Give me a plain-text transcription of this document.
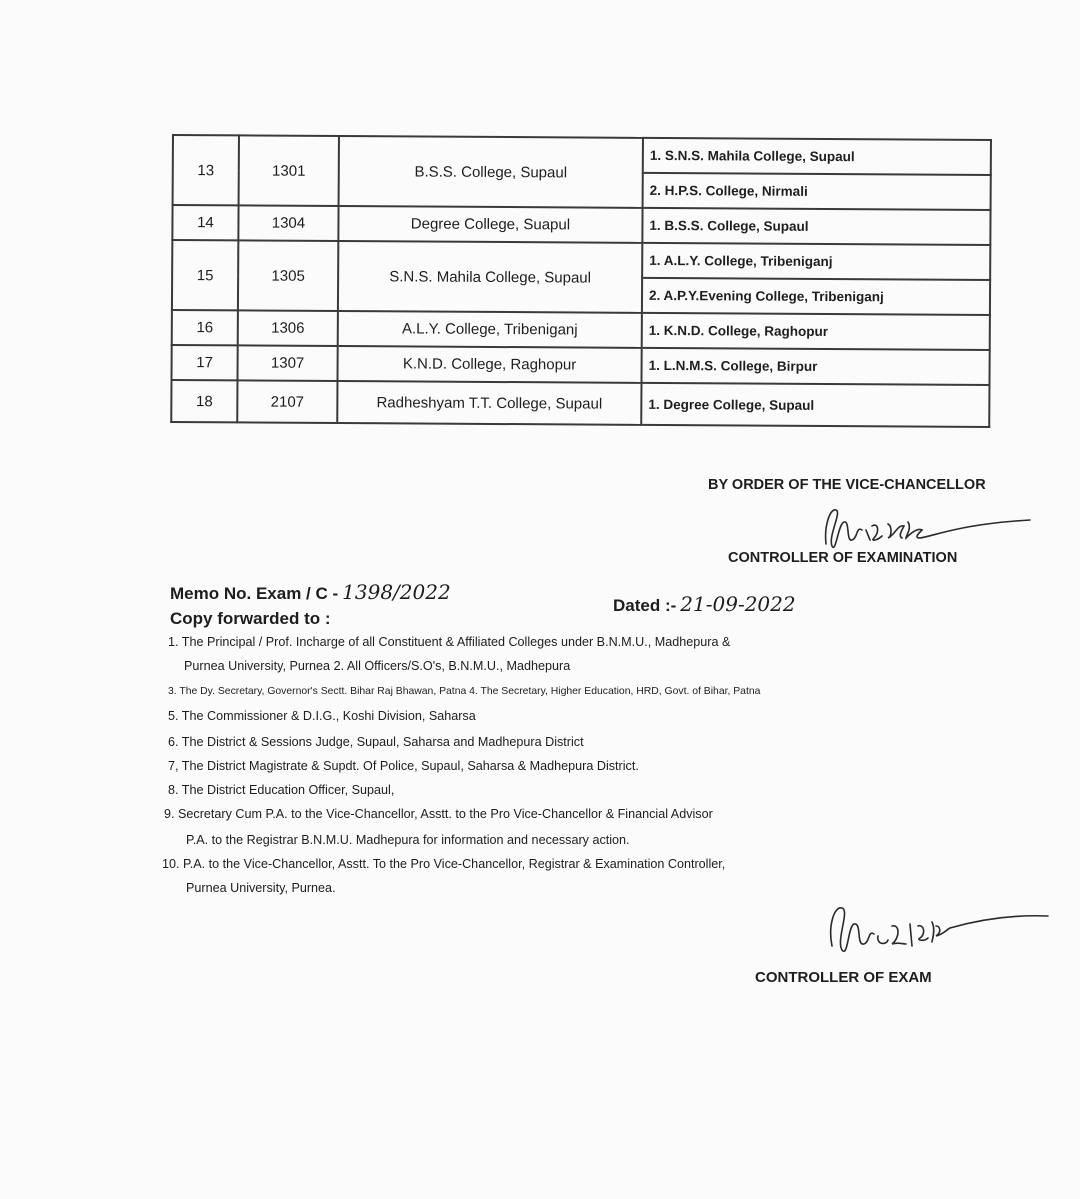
13	1301	B.S.S. College, Supaul	1. S.N.S. Mahila College, Supaul
			2. H.P.S. College, Nirmali
14	1304	Degree College, Suapul	1. B.S.S. College, Supaul
15	1305	S.N.S. Mahila College, Supaul	1. A.L.Y. College, Tribeniganj
			2. A.P.Y.Evening College, Tribeniganj
16	1306	A.L.Y. College, Tribeniganj	1. K.N.D. College, Raghopur
17	1307	K.N.D. College, Raghopur	1. L.N.M.S. College, Birpur
18	2107	Radheshyam T.T. College, Supaul	1. Degree College, Supaul
BY ORDER OF THE VICE-CHANCELLOR
CONTROLLER OF EXAMINATION
Memo No. Exam / C - 1398/2022
Dated :- 21-09-2022
Copy forwarded to :
1. The Principal / Prof. Incharge of all Constituent & Affiliated Colleges under B.N.M.U., Madhepura &
Purnea University, Purnea 2. All Officers/S.O's, B.N.M.U., Madhepura
3. The Dy. Secretary, Governor's Sectt. Bihar Raj Bhawan, Patna 4. The Secretary, Higher Education, HRD, Govt. of Bihar, Patna
5. The Commissioner & D.I.G., Koshi Division, Saharsa
6. The District & Sessions Judge, Supaul, Saharsa and Madhepura District
7, The District Magistrate & Supdt. Of Police, Supaul, Saharsa & Madhepura District.
8. The District Education Officer, Supaul,
9. Secretary Cum P.A. to the Vice-Chancellor, Asstt. to the Pro Vice-Chancellor & Financial Advisor
P.A. to the Registrar B.N.M.U. Madhepura for information and necessary action.
10. P.A. to the Vice-Chancellor, Asstt. To the Pro Vice-Chancellor, Registrar & Examination Controller,
Purnea University, Purnea.
CONTROLLER OF EXAM
